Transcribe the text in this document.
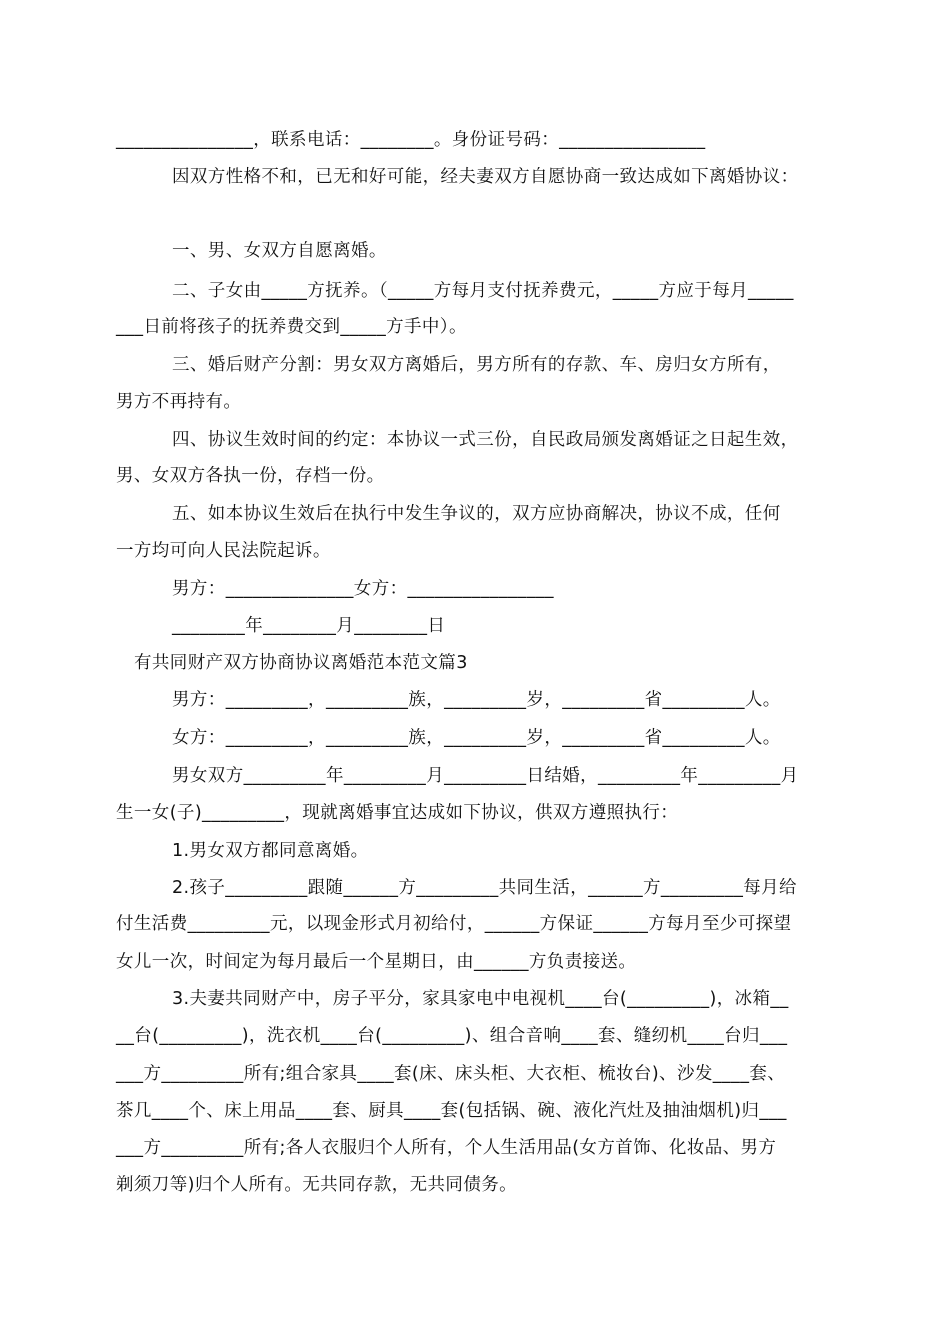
_______________，联系电话：________。身份证号码：________________
因双方性格不和，已无和好可能，经夫妻双方自愿协商一致达成如下离婚协议：
一、男、女双方自愿离婚。
二、子女由_____方抚养。（_____方每月支付抚养费元，_____方应于每月_____
___日前将孩子的抚养费交到_____方手中）。
三、婚后财产分割：男女双方离婚后，男方所有的存款、车、房归女方所有，
男方不再持有。
四、协议生效时间的约定：本协议一式三份，自民政局颁发离婚证之日起生效，
男、女双方各执一份，存档一份。
五、如本协议生效后在执行中发生争议的，双方应协商解决，协议不成，任何
一方均可向人民法院起诉。
男方：______________女方：________________
________年________月________日
有共同财产双方协商协议离婚范本范文篇3
男方：_________，_________族，_________岁，_________省_________人。
女方：_________，_________族，_________岁，_________省_________人。
男女双方_________年_________月_________日结婚，_________年_________月
生一女(子)_________，现就离婚事宜达成如下协议，供双方遵照执行：
1.男女双方都同意离婚。
2.孩子_________跟随______方_________共同生活，______方_________每月给
付生活费_________元，以现金形式月初给付，______方保证______方每月至少可探望
女儿一次，时间定为每月最后一个星期日，由______方负责接送。
3.夫妻共同财产中，房子平分，家具家电中电视机____台(_________)，冰箱__
__台(_________)，洗衣机____台(_________)、组合音响____套、缝纫机____台归___
___方_________所有;组合家具____套(床、床头柜、大衣柜、梳妆台)、沙发____套、
茶几____个、床上用品____套、厨具____套(包括锅、碗、液化汽灶及抽油烟机)归___
___方_________所有;各人衣服归个人所有，个人生活用品(女方首饰、化妆品、男方
剃须刀等)归个人所有。无共同存款，无共同债务。
